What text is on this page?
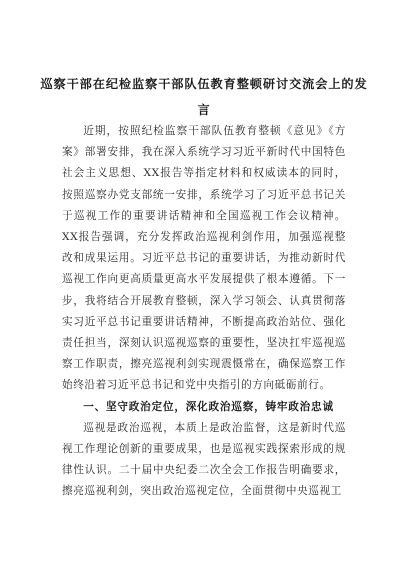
巡察干部在纪检监察干部队伍教育整顿研讨交流会上的发言

近期，按照纪检监察干部队伍教育整顿《意见》《方案》部署安排，我在深入系统学习习近平新时代中国特色社会主义思想、XX报告等指定材料和权威读本的同时，按照巡察办党支部统一安排，系统学习了习近平总书记关于巡视工作的重要讲话精神和全国巡视工作会议精神。XX报告强调，充分发挥政治巡视利剑作用，加强巡视整改和成果运用。习近平总书记的重要讲话，为推动新时代巡视工作向更高质量更高水平发展提供了根本遵循。下一步，我将结合开展教育整顿，深入学习领会、认真贯彻落实习近平总书记重要讲话精神，不断提高政治站位、强化责任担当，深刻认识巡视巡察的重要性，坚决扛牢巡视巡察工作职责，擦亮巡视利剑实现震慑常在，确保巡察工作始终沿着习近平总书记和党中央指引的方向砥砺前行。

一、坚守政治定位，深化政治巡察，铸牢政治忠诚

巡视是政治巡视，本质上是政治监督，这是新时代巡视工作理论创新的重要成果，也是巡视实践探索形成的规律性认识。二十届中央纪委二次全会工作报告明确要求，擦亮巡视利剑，突出政治巡视定位，全面贯彻中央巡视工
